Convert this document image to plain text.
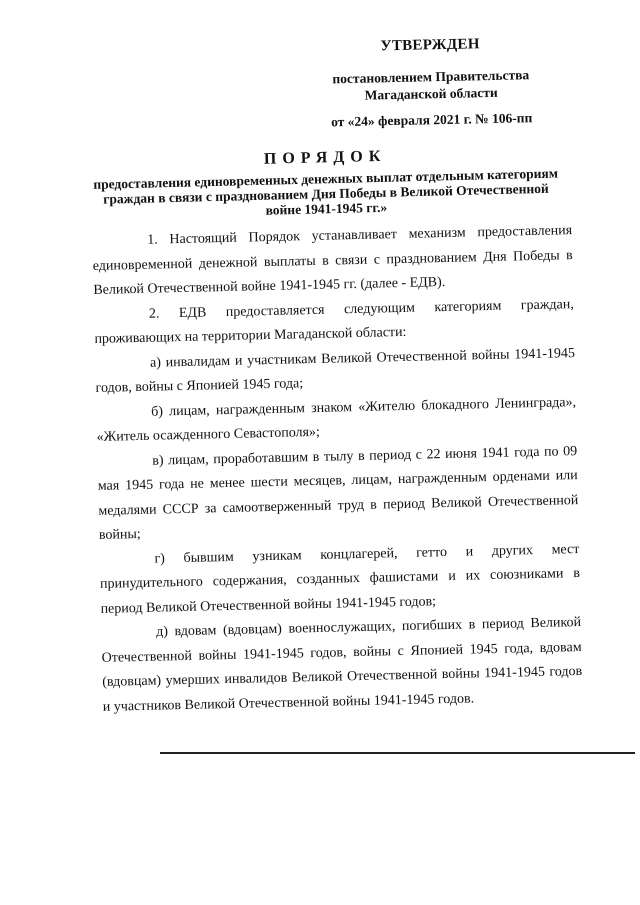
УТВЕРЖДЕН
постановлением Правительства
Магаданской области
от «24» февраля 2021 г. № 106-пп
ПОРЯДОК
предоставления единовременных денежных выплат отдельным категориям граждан в связи с празднованием Дня Победы в Великой Отечественной войне 1941-1945 гг.»

1. Настоящий Порядок устанавливает механизм предоставления единовременной денежной выплаты в связи с празднованием Дня Победы в Великой Отечественной войне 1941-1945 гг. (далее - ЕДВ).

2. ЕДВ предоставляется следующим категориям граждан, проживающих на территории Магаданской области:

а) инвалидам и участникам Великой Отечественной войны 1941-1945 годов, войны с Японией 1945 года;

б) лицам, награжденным знаком «Жителю блокадного Ленинграда», «Житель осажденного Севастополя»;

в) лицам, проработавшим в тылу в период с 22 июня 1941 года по 09 мая 1945 года не менее шести месяцев, лицам, награжденным орденами или медалями СССР за самоотверженный труд в период Великой Отечественной войны;

г) бывшим узникам концлагерей, гетто и других мест принудительного содержания, созданных фашистами и их союзниками в период Великой Отечественной войны 1941-1945 годов;

д) вдовам (вдовцам) военнослужащих, погибших в период Великой Отечественной войны 1941-1945 годов, войны с Японией 1945 года, вдовам (вдовцам) умерших инвалидов Великой Отечественной войны 1941-1945 годов и участников Великой Отечественной войны 1941-1945 годов.
